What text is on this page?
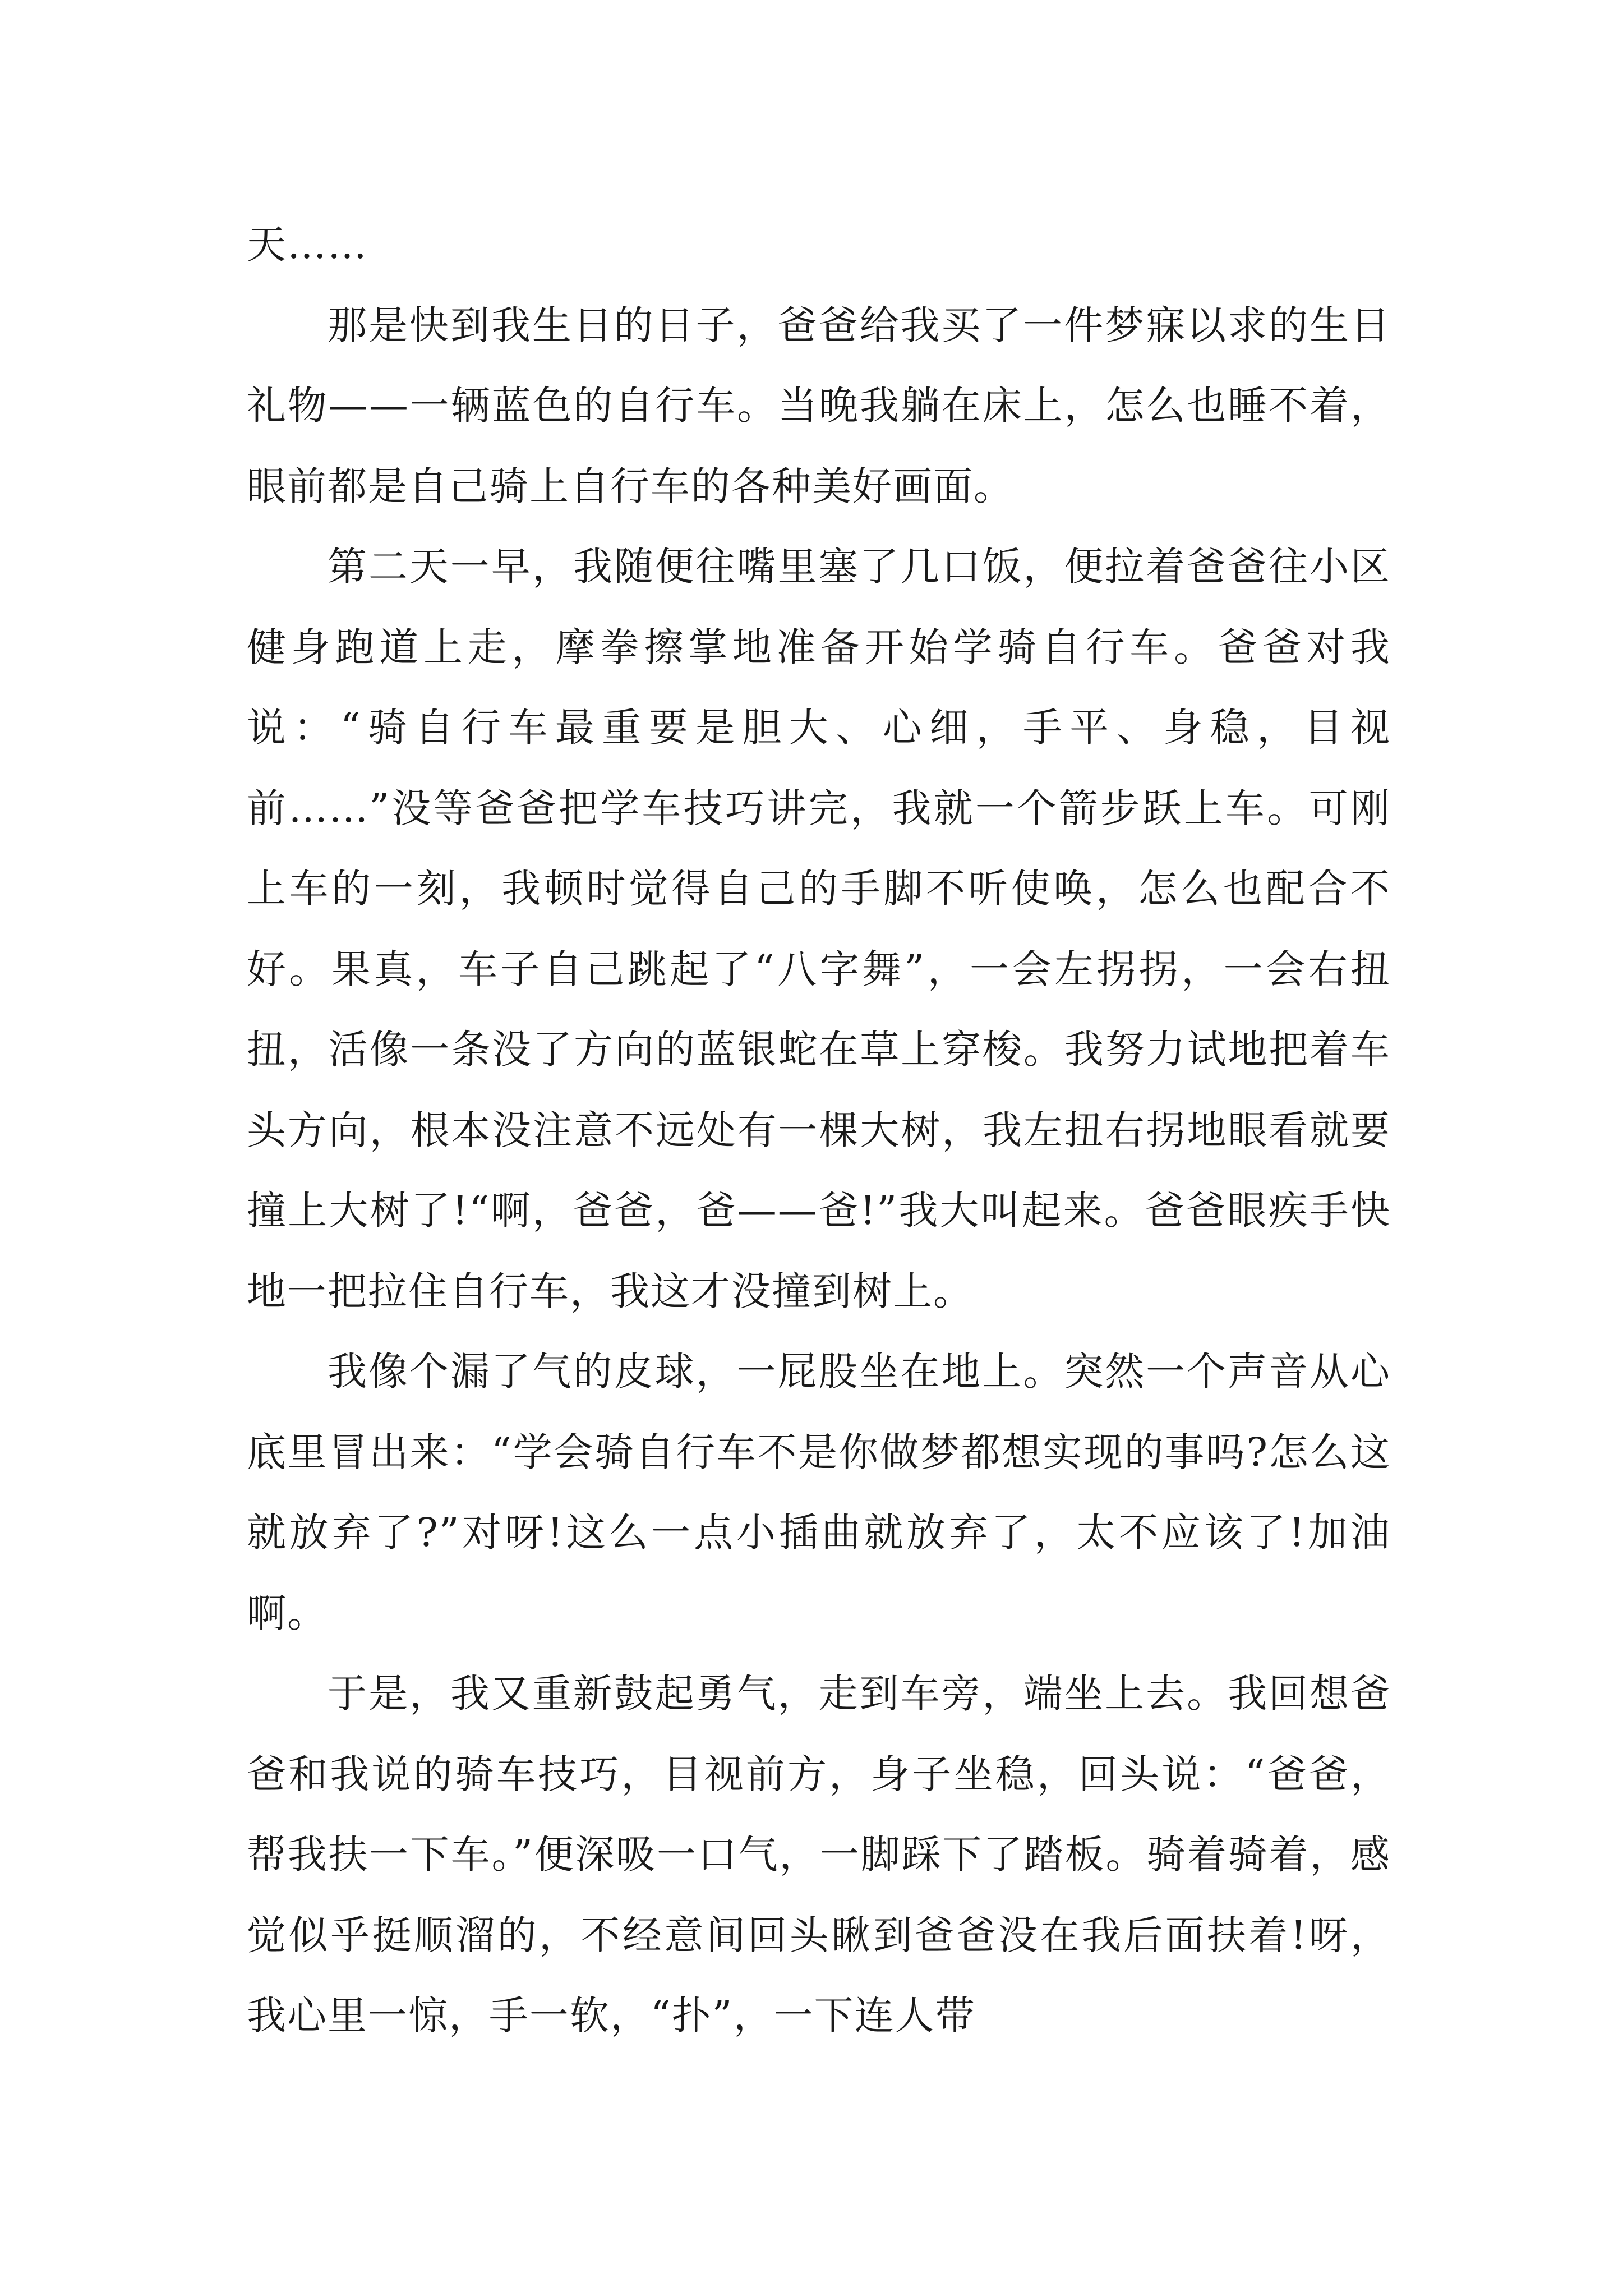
天……

那是快到我生日的日子，爸爸给我买了一件梦寐以求的生日礼物——一辆蓝色的自行车。当晚我躺在床上，怎么也睡不着，眼前都是自己骑上自行车的各种美好画面。

第二天一早，我随便往嘴里塞了几口饭，便拉着爸爸往小区健身跑道上走，摩拳擦掌地准备开始学骑自行车。爸爸对我说：“骑自行车最重要是胆大、心细，手平、身稳，目视前……”没等爸爸把学车技巧讲完，我就一个箭步跃上车。可刚上车的一刻，我顿时觉得自己的手脚不听使唤，怎么也配合不好。果真，车子自己跳起了“八字舞”，一会左拐拐，一会右扭扭，活像一条没了方向的蓝银蛇在草上穿梭。我努力试地把着车头方向，根本没注意不远处有一棵大树，我左扭右拐地眼看就要撞上大树了!“啊，爸爸，爸——爸!”我大叫起来。爸爸眼疾手快地一把拉住自行车，我这才没撞到树上。

我像个漏了气的皮球，一屁股坐在地上。突然一个声音从心底里冒出来：“学会骑自行车不是你做梦都想实现的事吗?怎么这就放弃了?”对呀!这么一点小插曲就放弃了，太不应该了!加油啊。

于是，我又重新鼓起勇气，走到车旁，端坐上去。我回想爸爸和我说的骑车技巧，目视前方，身子坐稳，回头说：“爸爸，帮我扶一下车。”便深吸一口气，一脚踩下了踏板。骑着骑着，感觉似乎挺顺溜的，不经意间回头瞅到爸爸没在我后面扶着!呀，我心里一惊，手一软，“扑”，一下连人带
